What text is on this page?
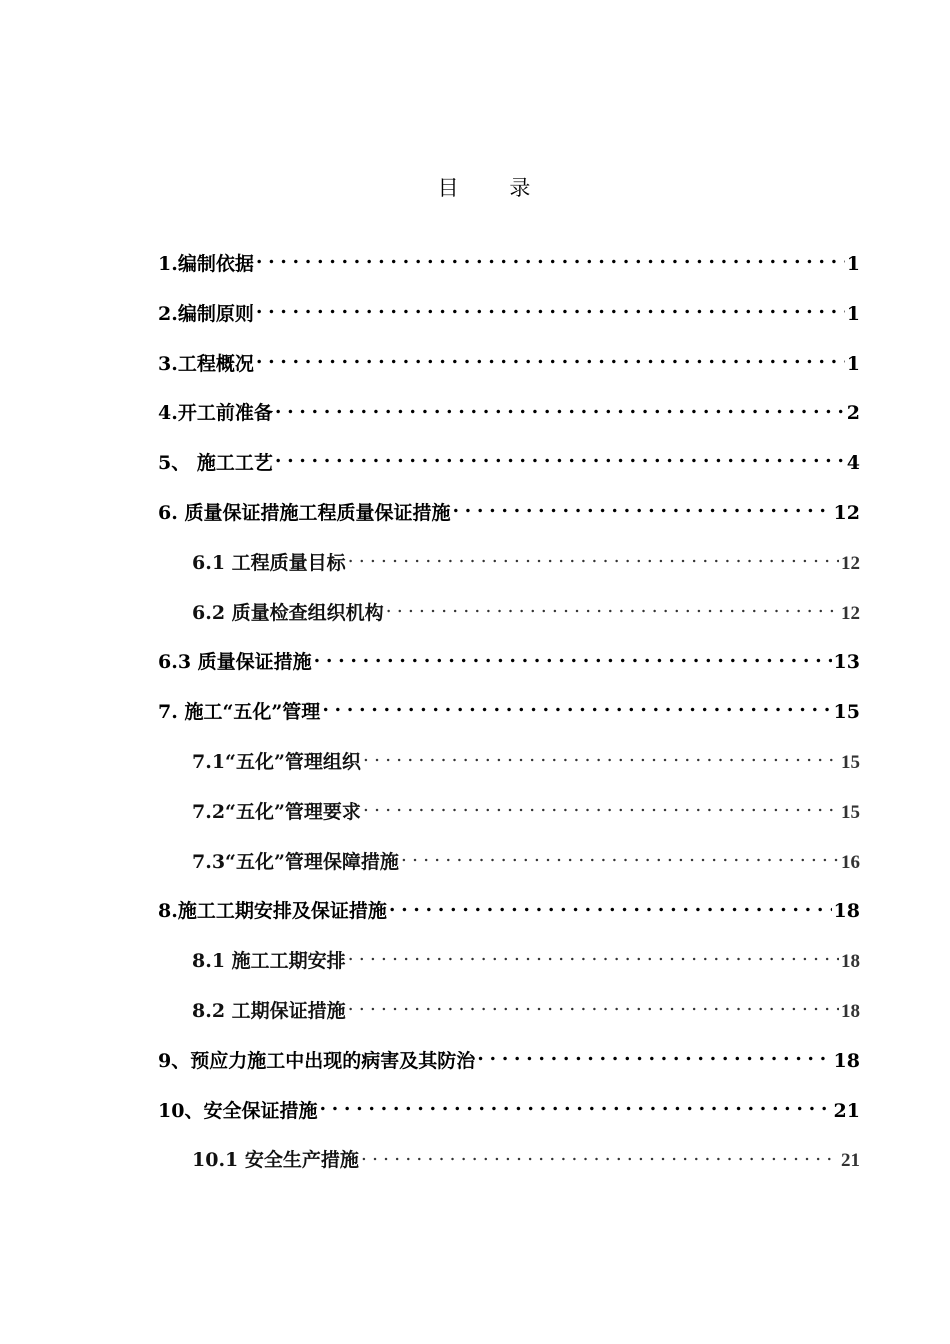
目 录
1.编制依据 . . .	1
2.编制原则 . . .	1
3.工程概况 . . .	1
4.开工前准备 . . .	2
5、 施工工艺 . . .	4
6. 质量保证措施工程质量保证措施 . . .	12
6.1 工程质量目标 . . .	12
6.2 质量检查组织机构 . . .	12
6.3 质量保证措施 . . .	13
7. 施工“五化”管理 . . .	15
7.1“五化”管理组织 . . .	15
7.2“五化”管理要求 . . .	15
7.3“五化”管理保障措施 . . .	16
8.施工工期安排及保证措施 . . .	18
8.1 施工工期安排 . . .	18
8.2 工期保证措施 . . .	18
9、预应力施工中出现的病害及其防治 . . .	18
10、安全保证措施 . . .	21
10.1 安全生产措施 . . .	21
